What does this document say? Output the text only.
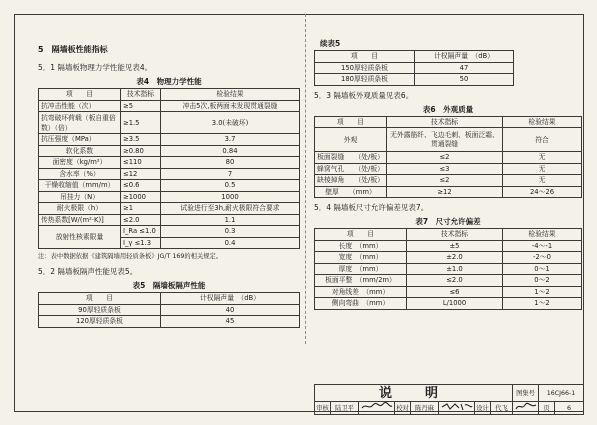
5　隔墙板性能指标
5．1 隔墙板物理力学性能见表4。
表4　物理力学性能
项　　目	技术指标	检验结果
抗冲击性能（次）	≥5	冲击5次,板两面未发现贯通裂缝
抗弯破坏荷载（板自重倍数）（倍）	≥1.5	3.0(未破坏)
抗压强度（MPa）	≥3.5	3.7
软化系数	≥0.80	0.84
面密度（kg/m²）	≤110	80
含水率（%）	≤12	7
干燥收缩值（mm/m）	≤0.6	0.5
吊挂力（N）	≥1000	1000
耐火极限（h）	≥1	试验进行至3h,耐火极限符合要求
传热系数[W/(m²·K)]	≤2.0	1.1
放射性核素限量	I_Ra ≤1.0	0.3
	I_γ ≤1.3	0.4
注：表中数据依据《建筑隔墙用轻质条板》JG/T 169的相关规定。
5．2 隔墙板隔声性能见表5。
表5　隔墙板隔声性能
项　　目	计权隔声量　（dB）
90厚轻质条板	40
120厚轻质条板	45
续表5
项　　目	计权隔声量　（dB）
150厚轻质条板	47
180厚轻质条板	50
5．3 隔墙板外观质量见表6。
表6　外观质量
项　　目	技术指标	检验结果
外观	无外露筋纤、飞边毛刺、板面泛霜、贯通裂缝	符合
板面裂缝　　（处/板）	≤2	无
蜂窝气孔　　（处/板）	≤3	无
缺棱掉角　　（处/板）	≤2	无
壁厚　　（mm）	≥12	24～26
5．4 隔墙板尺寸允许偏差见表7。
表7　尺寸允许偏差
项　　目	技术指标	检验结果
长度　（mm）	±5	-4～-1
宽度　（mm）	±2.0	-2～0
厚度　（mm）	±1.0	0～1
板面平整　（mm/2m）	≤2.0	0～2
对角线差　（mm）	≤6	1～2
侧向弯曲　（mm）	L/1000	1～2
说　明								图集号	16CJ66-1	
审核	陆卫平		校对	陈丹麻		设计	代飞		页	6
